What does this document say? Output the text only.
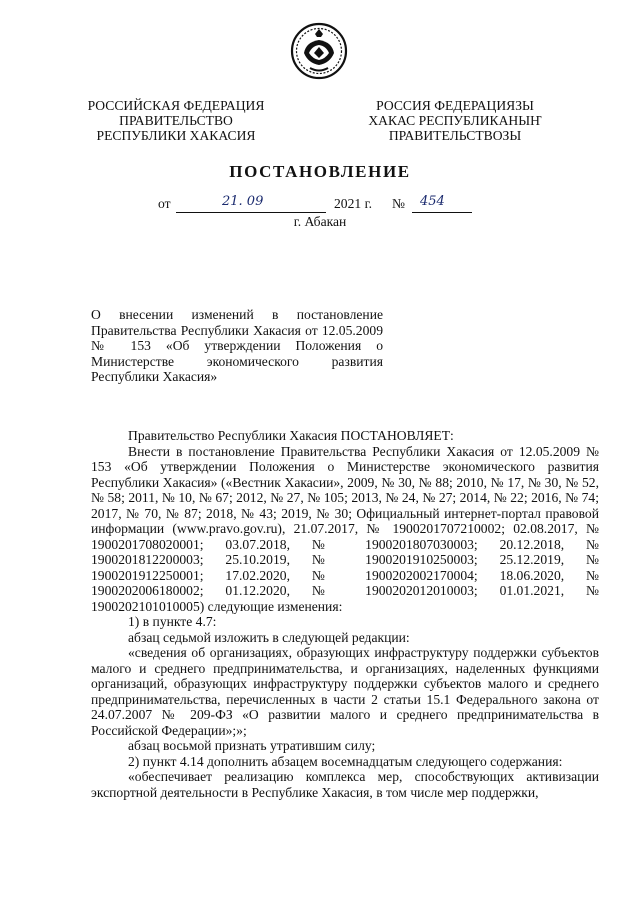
РОССИЙСКАЯ ФЕДЕРАЦИЯ
ПРАВИТЕЛЬСТВО
РЕСПУБЛИКИ ХАКАСИЯ
РОССИЯ ФЕДЕРАЦИЯЗЫ
ХАКАС РЕСПУБЛИКАНЫҤ
ПРАВИТЕЛЬСТВОЗЫ
ПОСТАНОВЛЕНИЕ
от	21. 09	2021 г. № 454
г. Абакан
О внесении изменений в постановление Правительства Республики Хакасия от 12.05.2009 № 153 «Об утверждении Положения о Министерстве экономического развития Республики Хакасия»

Правительство Республики Хакасия ПОСТАНОВЛЯЕТ:

Внести в постановление Правительства Республики Хакасия от 12.05.2009 № 153 «Об утверждении Положения о Министерстве экономического развития Республики Хакасия» («Вестник Хакасии», 2009, № 30, № 88; 2010, № 17, № 30, № 52, № 58; 2011, № 10, № 67; 2012, № 27, № 105; 2013, № 24, № 27; 2014, № 22; 2016, № 74; 2017, № 70, № 87; 2018, № 43; 2019, № 30; Официальный интернет-портал правовой информации (www.pravo.gov.ru), 21.07.2017, № 1900201707210002; 02.08.2017, № 1900201708020001; 03.07.2018, № 1900201807030003; 20.12.2018, № 1900201812200003; 25.10.2019, № 1900201910250003; 25.12.2019, № 1900201912250001; 17.02.2020, № 1900202002170004; 18.06.2020, № 1900202006180002; 01.12.2020, № 1900202012010003; 01.01.2021, № 1900202101010005) следующие изменения:

1) в пункте 4.7:

абзац седьмой изложить в следующей редакции:

«сведения об организациях, образующих инфраструктуру поддержки субъектов малого и среднего предпринимательства, и организациях, наделенных функциями организаций, образующих инфраструктуру поддержки субъектов малого и среднего предпринимательства, перечисленных в части 2 статьи 15.1 Федерального закона от 24.07.2007 № 209-ФЗ «О развитии малого и среднего предпринимательства в Российской Федерации»;»;

абзац восьмой признать утратившим силу;

2) пункт 4.14 дополнить абзацем восемнадцатым следующего содержания:

«обеспечивает реализацию комплекса мер, способствующих активизации экспортной деятельности в Республике Хакасия, в том числе мер поддержки,
